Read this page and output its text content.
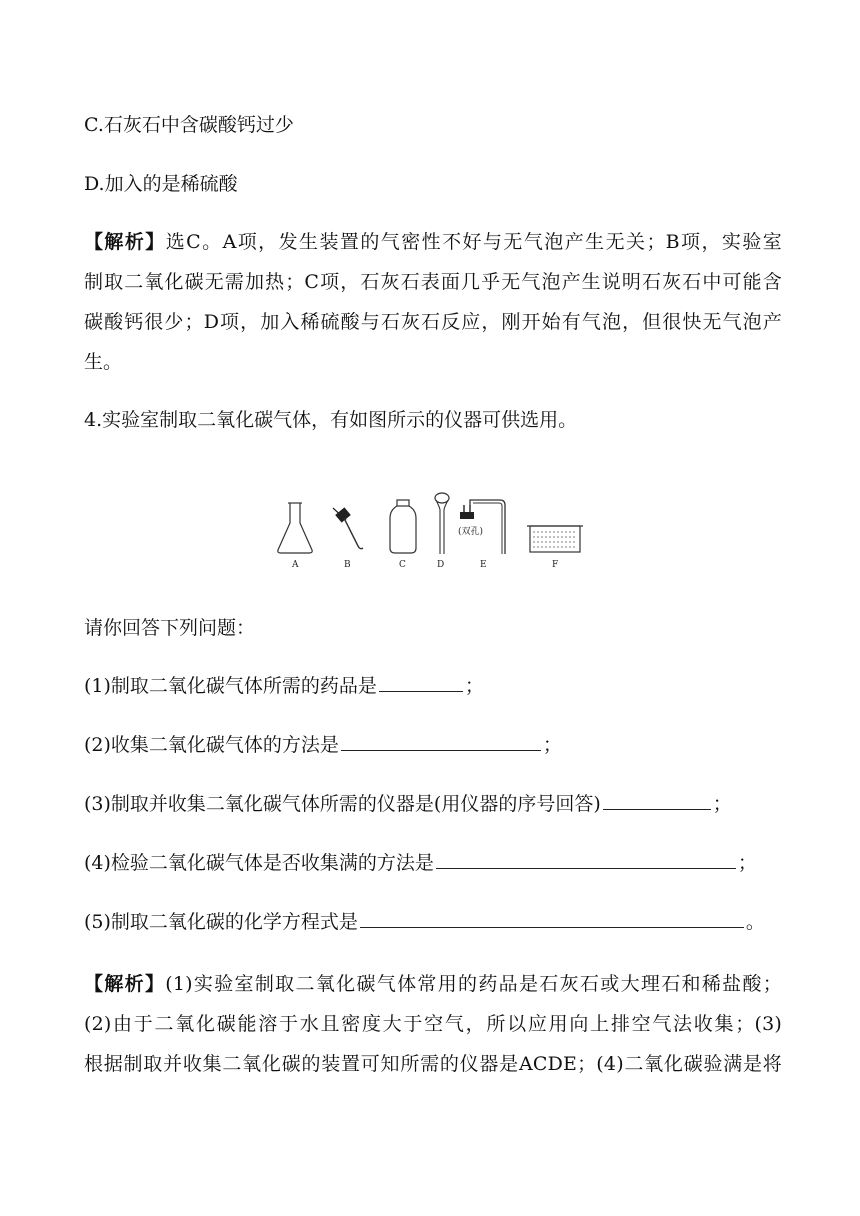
C.石灰石中含碳酸钙过少
D.加入的是稀硫酸
【解析】选C。A项，发生装置的气密性不好与无气泡产生无关；B项，实验室
制取二氧化碳无需加热；C项，石灰石表面几乎无气泡产生说明石灰石中可能含
碳酸钙很少；D项，加入稀硫酸与石灰石反应，刚开始有气泡，但很快无气泡产
生。
4.实验室制取二氧化碳气体，有如图所示的仪器可供选用。
(双孔)
A	B	C	D	E	F
请你回答下列问题：
(1)制取二氧化碳气体所需的药品是	；
(2)收集二氧化碳气体的方法是	；
(3)制取并收集二氧化碳气体所需的仪器是(用仪器的序号回答)	；
(4)检验二氧化碳气体是否收集满的方法是	；
(5)制取二氧化碳的化学方程式是	。
【解析】(1)实验室制取二氧化碳气体常用的药品是石灰石或大理石和稀盐酸；
(2)由于二氧化碳能溶于水且密度大于空气，所以应用向上排空气法收集；(3)
根据制取并收集二氧化碳的装置可知所需的仪器是ACDE；(4)二氧化碳验满是将
